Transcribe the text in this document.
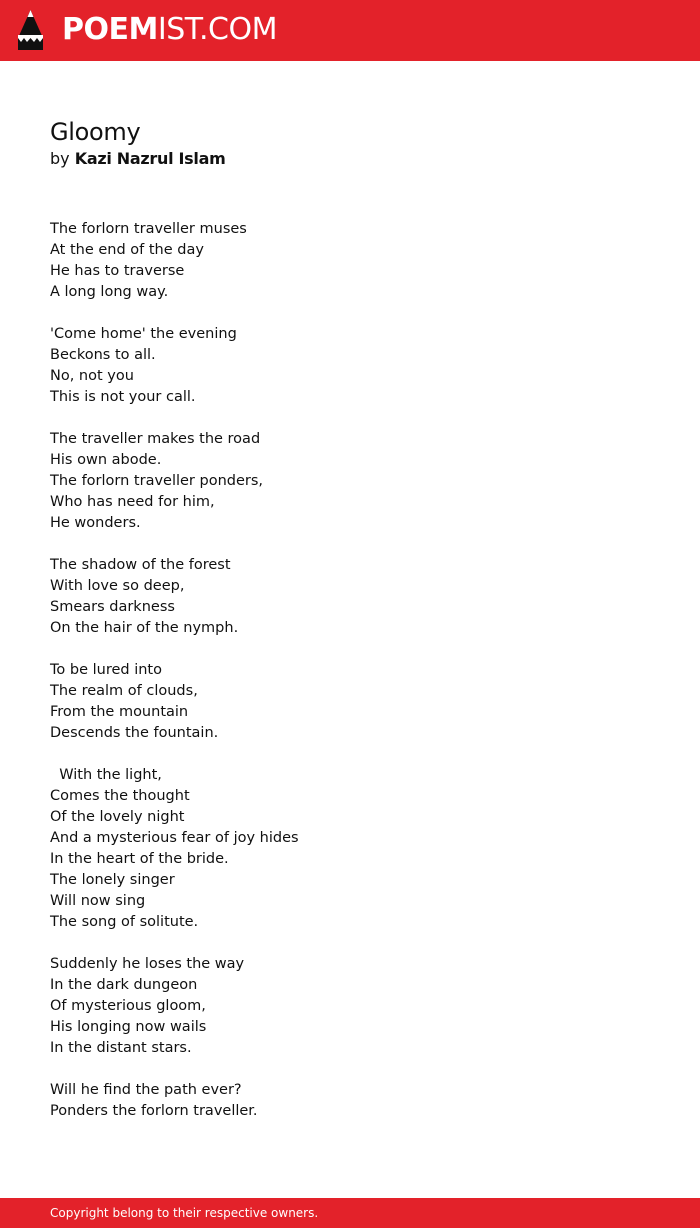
POEMIST.COM
Gloomy
by Kazi Nazrul Islam
The forlorn traveller muses
At the end of the day
He has to traverse
A long long way.
'Come home' the evening
Beckons to all.
No, not you
This is not your call.
The traveller makes the road
His own abode.
The forlorn traveller ponders,
Who has need for him,
He wonders.
The shadow of the forest
With love so deep,
Smears darkness
On the hair of the nymph.
To be lured into
The realm of clouds,
From the mountain
Descends the fountain.
With the light,
Comes the thought
Of the lovely night
And a mysterious fear of joy hides
In the heart of the bride.
The lonely singer
Will now sing
The song of solitute.
Suddenly he loses the way
In the dark dungeon
Of mysterious gloom,
His longing now wails
In the distant stars.
Will he find the path ever?
Ponders the forlorn traveller.
Copyright belong to their respective owners.
